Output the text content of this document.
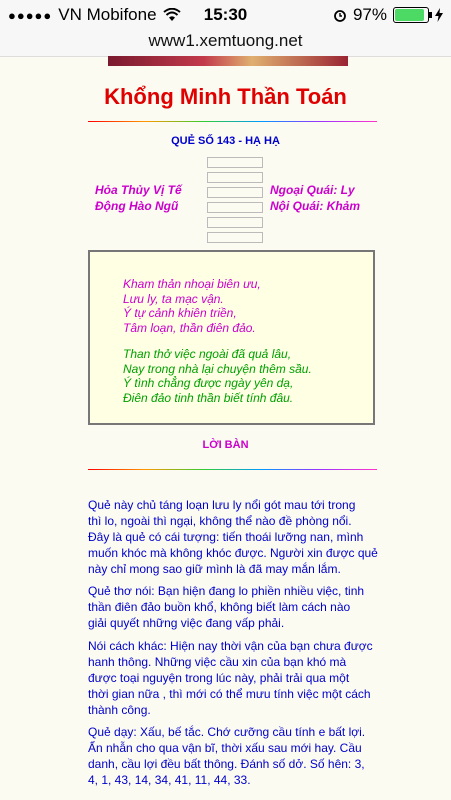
●●●●● VN Mobifone	15:30	97%
www1.xemtuong.net
Khổng Minh Thần Toán
QUẺ SỐ 143 - HẠ HẠ
Hỏa Thủy Vị Tế
Động Hào Ngũ
Ngoại Quái: Ly
Nội Quái: Khảm
Kham thản nhoại biên ưu,
Lưu ly, ta mạc vận.
Ý tự cảnh khiên triền,
Tâm loạn, thần điên đảo.
Than thở việc ngoài đã quả lâu,
Nay trong nhà lại chuyện thêm sầu.
Ý tình chẳng được ngày yên dạ,
Điên đảo tinh thần biết tính đâu.
LỜI BÀN
Quẻ này chủ táng loạn lưu ly nổi gót mau tới trong
thì lo, ngoài thì ngại, không thể nào đề phòng nổi.
Đây là quẻ có cái tượng: tiến thoái lưỡng nan, mình
muốn khóc mà không khóc được. Người xin được quẻ
này chỉ mong sao giữ mình là đã may mắn lắm.
Quẻ thơ nói: Bạn hiện đang lo phiền nhiều việc, tinh
thần điên đảo buồn khổ, không biết làm cách nào
giải quyết những việc đang vấp phải.
Nói cách khác: Hiện nay thời vận của bạn chưa được
hanh thông. Những việc cầu xin của bạn khó mà
được toại nguyện trong lúc này, phải trải qua một
thời gian nữa , thì mới có thể mưu tính việc một cách
thành công.
Quẻ dạy: Xấu, bế tắc. Chớ cưỡng cầu tính e bất lợi.
Ẩn nhẫn cho qua vận bĩ, thời xấu sau mới hay. Cầu
danh, cầu lợi đều bất thông. Đánh số dở. Số hên: 3,
4, 1, 43, 14, 34, 41, 11, 44, 33.
